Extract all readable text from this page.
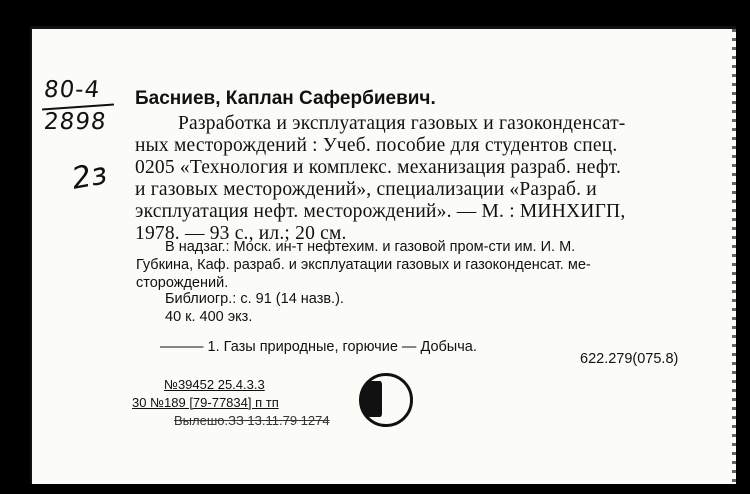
80-4
2898
2з
Басниев, Каплан Сафербиевич.
Разработка и эксплуатация газовых и газоконденсат-
ных месторождений : Учеб. пособие для студентов спец.
0205 «Технология и комплекс. механизация разраб. нефт.
и газовых месторождений», специализации «Разраб. и
эксплуатация нефт. месторождений». — М. : МИНХИГП,
1978. — 93 с., ил.; 20 см.
В надзаг.: Моск. ин-т нефтехим. и газовой пром-сти им. И. М.
Губкина, Каф. разраб. и эксплуатации газовых и газоконденсат. ме-
сторождений.
Библиогр.: с. 91 (14 назв.).
40 к. 400 экз.
——— 1. Газы природные, горючие — Добыча.
622.279(075.8)
№39452 25.4.3.3
30 №189 [79-77834] п тп
Вылешо.ЗЗ 13.11.79 1274
